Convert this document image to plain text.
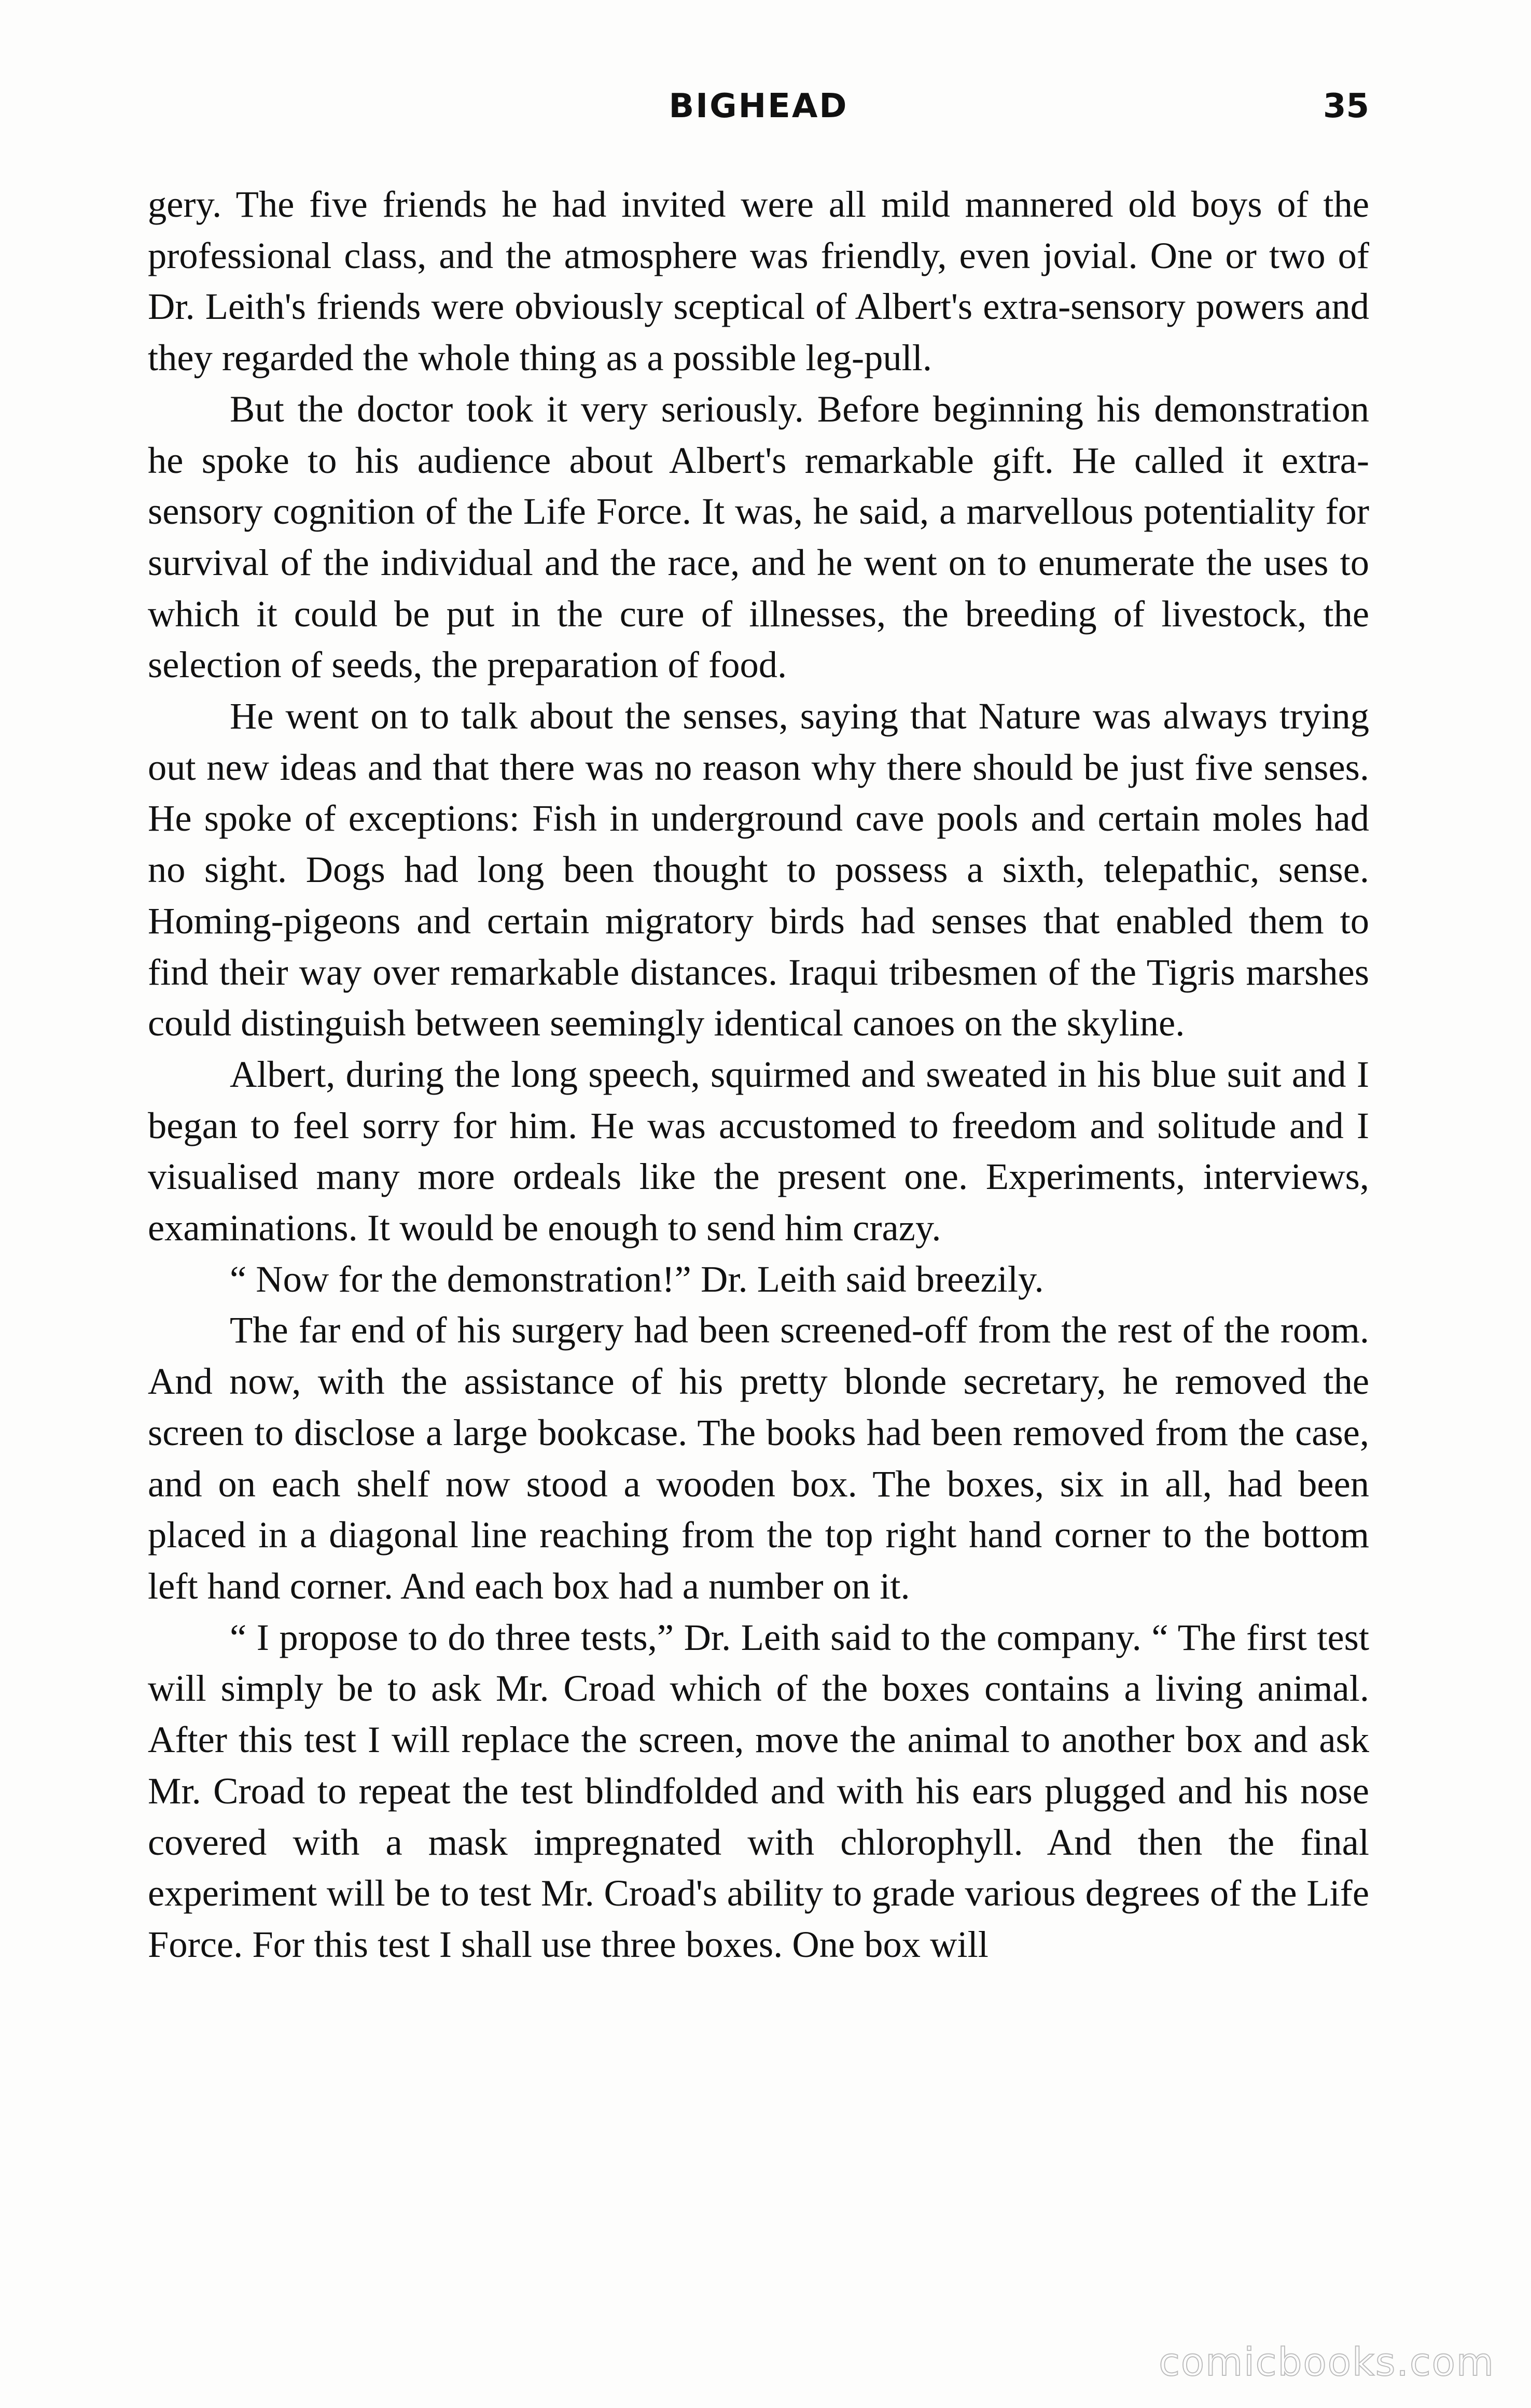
BIGHEAD	35

gery. The five friends he had invited were all mild mannered old boys of the professional class, and the atmosphere was friendly, even jovial. One or two of Dr. Leith's friends were obviously sceptical of Albert's extra-sensory powers and they regarded the whole thing as a possible leg-pull.

But the doctor took it very seriously. Before beginning his demonstration he spoke to his audience about Albert's remarkable gift. He called it extra-sensory cognition of the Life Force. It was, he said, a marvellous potentiality for survival of the individual and the race, and he went on to enumerate the uses to which it could be put in the cure of illnesses, the breeding of livestock, the selection of seeds, the preparation of food.

He went on to talk about the senses, saying that Nature was always trying out new ideas and that there was no reason why there should be just five senses. He spoke of exceptions: Fish in underground cave pools and certain moles had no sight. Dogs had long been thought to possess a sixth, telepathic, sense. Homing-pigeons and certain migratory birds had senses that enabled them to find their way over remarkable distances. Iraqui tribesmen of the Tigris marshes could distinguish between seemingly identical canoes on the skyline.

Albert, during the long speech, squirmed and sweated in his blue suit and I began to feel sorry for him. He was accustomed to freedom and solitude and I visualised many more ordeals like the present one. Experiments, interviews, examinations. It would be enough to send him crazy.

“ Now for the demonstration!” Dr. Leith said breezily.

The far end of his surgery had been screened-off from the rest of the room. And now, with the assistance of his pretty blonde secretary, he removed the screen to disclose a large bookcase. The books had been removed from the case, and on each shelf now stood a wooden box. The boxes, six in all, had been placed in a diagonal line reaching from the top right hand corner to the bottom left hand corner. And each box had a number on it.

“ I propose to do three tests,” Dr. Leith said to the company. “ The first test will simply be to ask Mr. Croad which of the boxes contains a living animal. After this test I will replace the screen, move the animal to another box and ask Mr. Croad to repeat the test blindfolded and with his ears plugged and his nose covered with a mask impregnated with chlorophyll. And then the final experiment will be to test Mr. Croad's ability to grade various degrees of the Life Force. For this test I shall use three boxes. One box will

comicbooks.com
